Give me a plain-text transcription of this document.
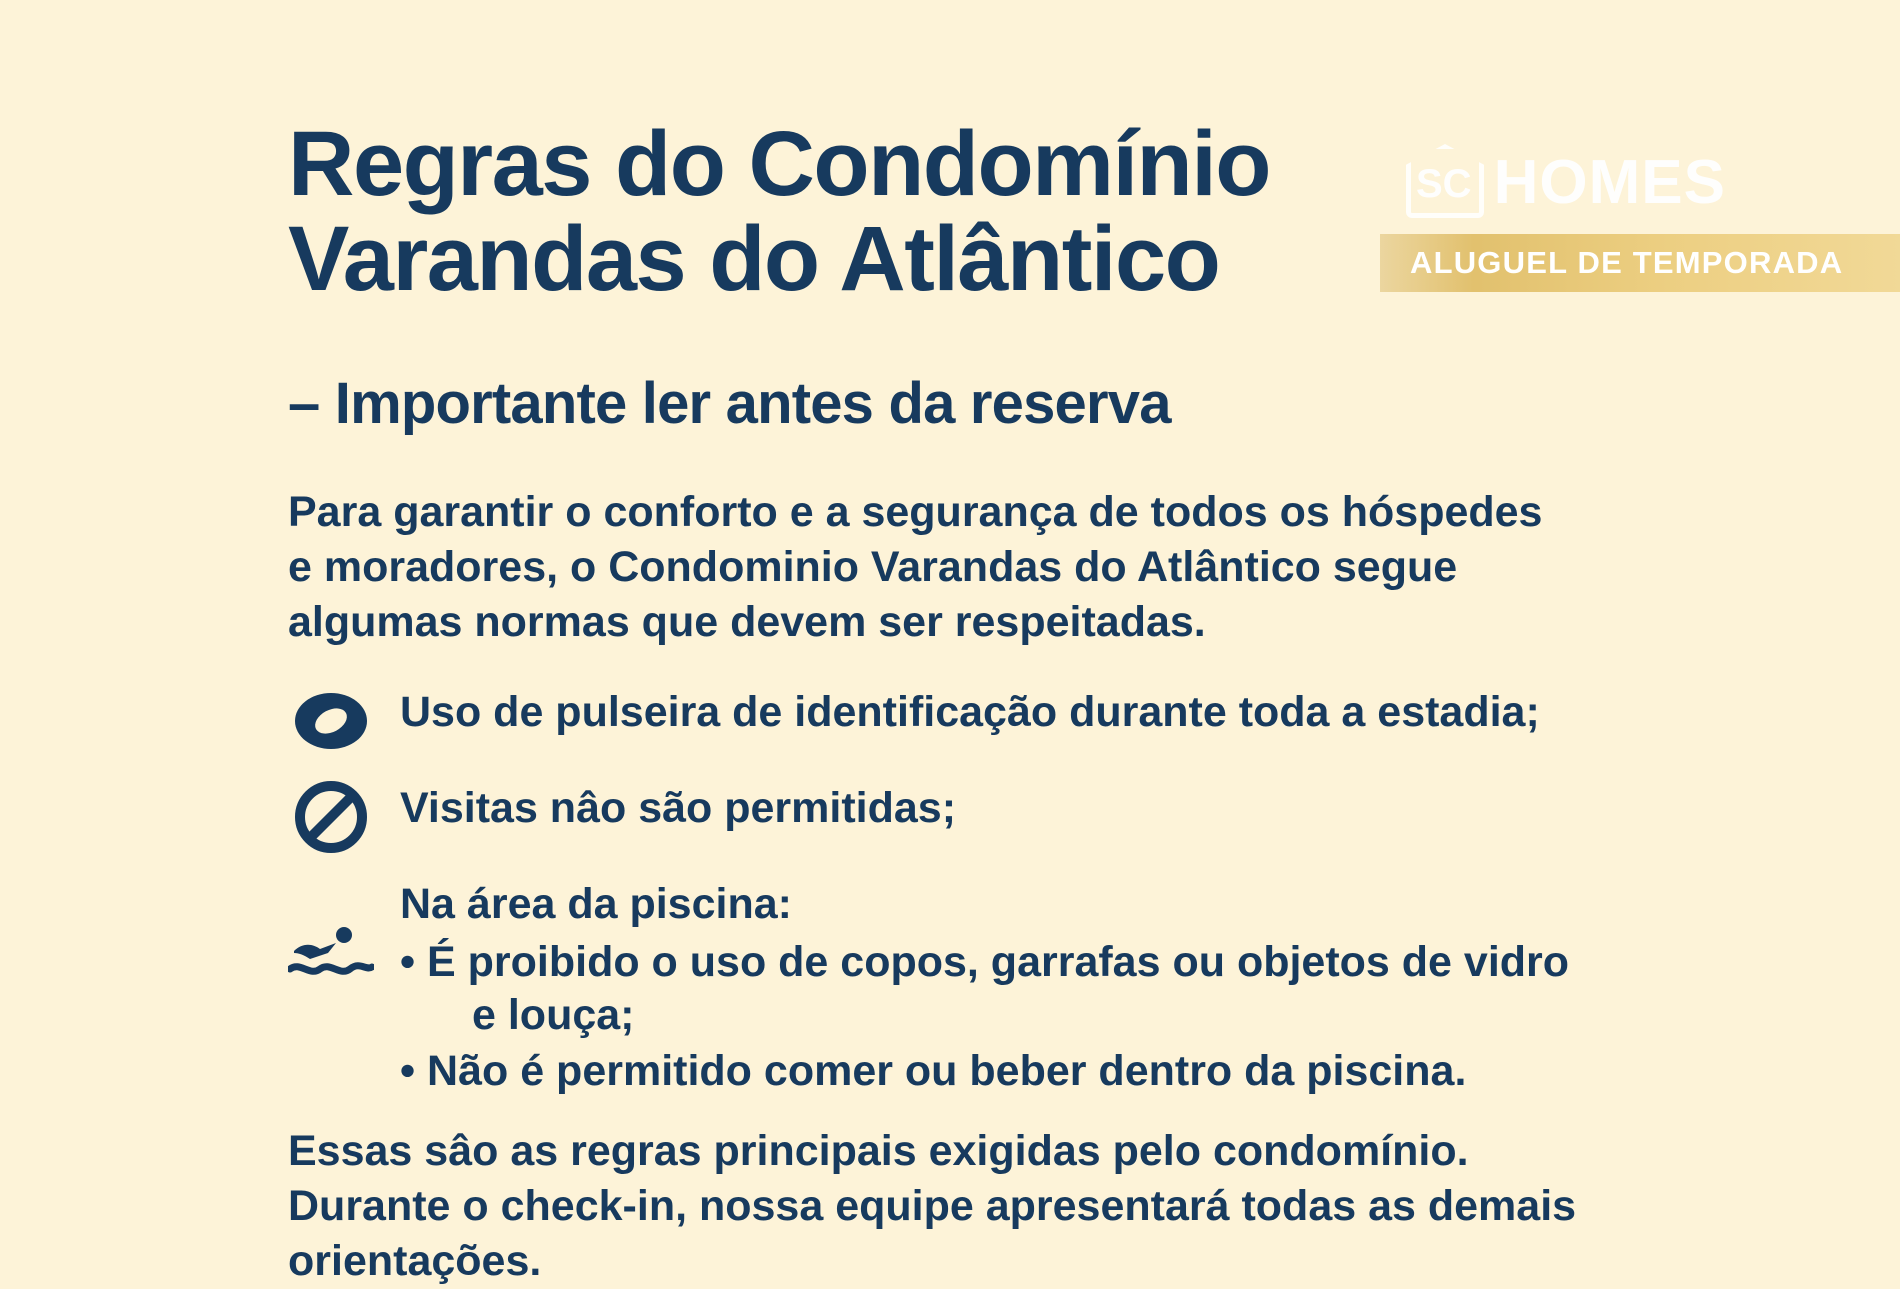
SC HOMES
ALUGUEL DE TEMPORADA
Regras do Condomínio
Varandas do Atlântico
– Importante ler antes da reserva
Para garantir o conforto e a segurança de todos os hóspedes
e moradores, o Condominio Varandas do Atlântico segue
algumas normas que devem ser respeitadas.
Uso de pulseira de identificação durante toda a estadia;
Visitas nâo são permitidas;
Na área da piscina:
• É proibido o uso de copos, garrafas ou objetos de vidro
e louça;
• Não é permitido comer ou beber dentro da piscina.
Essas sâo as regras principais exigidas pelo condomínio.
Durante o check-in, nossa equipe apresentará todas as demais
orientações.
